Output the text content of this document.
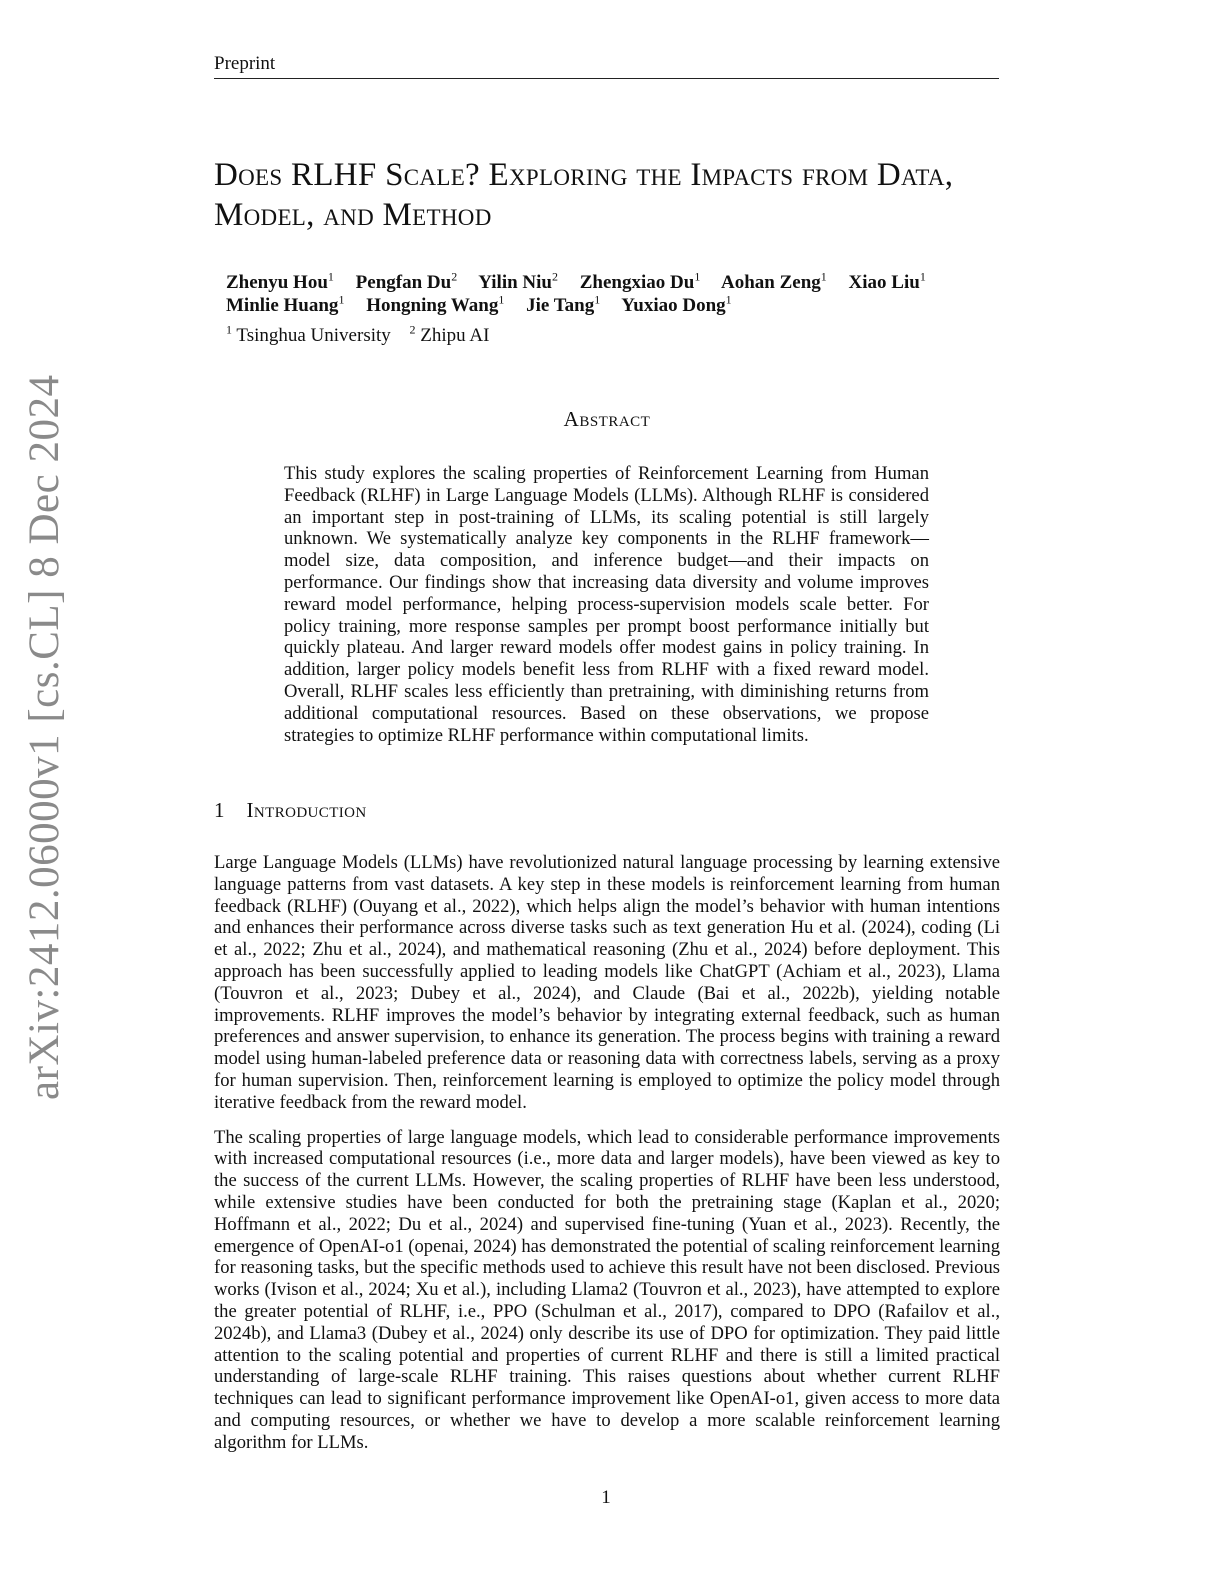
Preprint
arXiv:2412.06000v1 [cs.CL] 8 Dec 2024
Does RLHF Scale? Exploring the Impacts from Data, Model, and Method
Zhenyu Hou$^1$ Pengfan Du$^2$ Yilin Niu$^2$ Zhengxiao Du$^1$ Aohan Zeng$^1$ Xiao Liu$^1$
Minlie Huang$^1$ Hongning Wang$^1$ Jie Tang$^1$ Yuxiao Dong$^1$
$^1$ Tsinghua University $^2$ Zhipu AI
Abstract
This study explores the scaling properties of Reinforcement Learning from Human Feedback (RLHF) in Large Language Models (LLMs). Although RLHF is considered an important step in post-training of LLMs, its scaling potential is still largely unknown. We systematically analyze key components in the RLHF framework—model size, data composition, and inference budget—and their impacts on performance. Our findings show that increasing data diversity and volume improves reward model performance, helping process-supervision models scale better. For policy training, more response samples per prompt boost performance initially but quickly plateau. And larger reward models offer modest gains in policy training. In addition, larger policy models benefit less from RLHF with a fixed reward model. Overall, RLHF scales less efficiently than pretraining, with diminishing returns from additional computational resources. Based on these observations, we propose strategies to optimize RLHF performance within computational limits.
1 Introduction

Large Language Models (LLMs) have revolutionized natural language processing by learning extensive language patterns from vast datasets. A key step in these models is reinforcement learning from human feedback (RLHF) (Ouyang et al., 2022), which helps align the model’s behavior with human intentions and enhances their performance across diverse tasks such as text generation Hu et al. (2024), coding (Li et al., 2022; Zhu et al., 2024), and mathematical reasoning (Zhu et al., 2024) before deployment. This approach has been successfully applied to leading models like ChatGPT (Achiam et al., 2023), Llama (Touvron et al., 2023; Dubey et al., 2024), and Claude (Bai et al., 2022b), yielding notable improvements. RLHF improves the model’s behavior by integrating external feedback, such as human preferences and answer supervision, to enhance its generation. The process begins with training a reward model using human-labeled preference data or reasoning data with correctness labels, serving as a proxy for human supervision. Then, reinforcement learning is employed to optimize the policy model through iterative feedback from the reward model.

The scaling properties of large language models, which lead to considerable performance improvements with increased computational resources (i.e., more data and larger models), have been viewed as key to the success of the current LLMs. However, the scaling properties of RLHF have been less understood, while extensive studies have been conducted for both the pretraining stage (Kaplan et al., 2020; Hoffmann et al., 2022; Du et al., 2024) and supervised fine-tuning (Yuan et al., 2023). Recently, the emergence of OpenAI-o1 (openai, 2024) has demonstrated the potential of scaling reinforcement learning for reasoning tasks, but the specific methods used to achieve this result have not been disclosed. Previous works (Ivison et al., 2024; Xu et al.), including Llama2 (Touvron et al., 2023), have attempted to explore the greater potential of RLHF, i.e., PPO (Schulman et al., 2017), compared to DPO (Rafailov et al., 2024b), and Llama3 (Dubey et al., 2024) only describe its use of DPO for optimization. They paid little attention to the scaling potential and properties of current RLHF and there is still a limited practical understanding of large-scale RLHF training. This raises questions about whether current RLHF techniques can lead to significant performance improvement like OpenAI-o1, given access to more data and computing resources, or whether we have to develop a more scalable reinforcement learning algorithm for LLMs.

1
